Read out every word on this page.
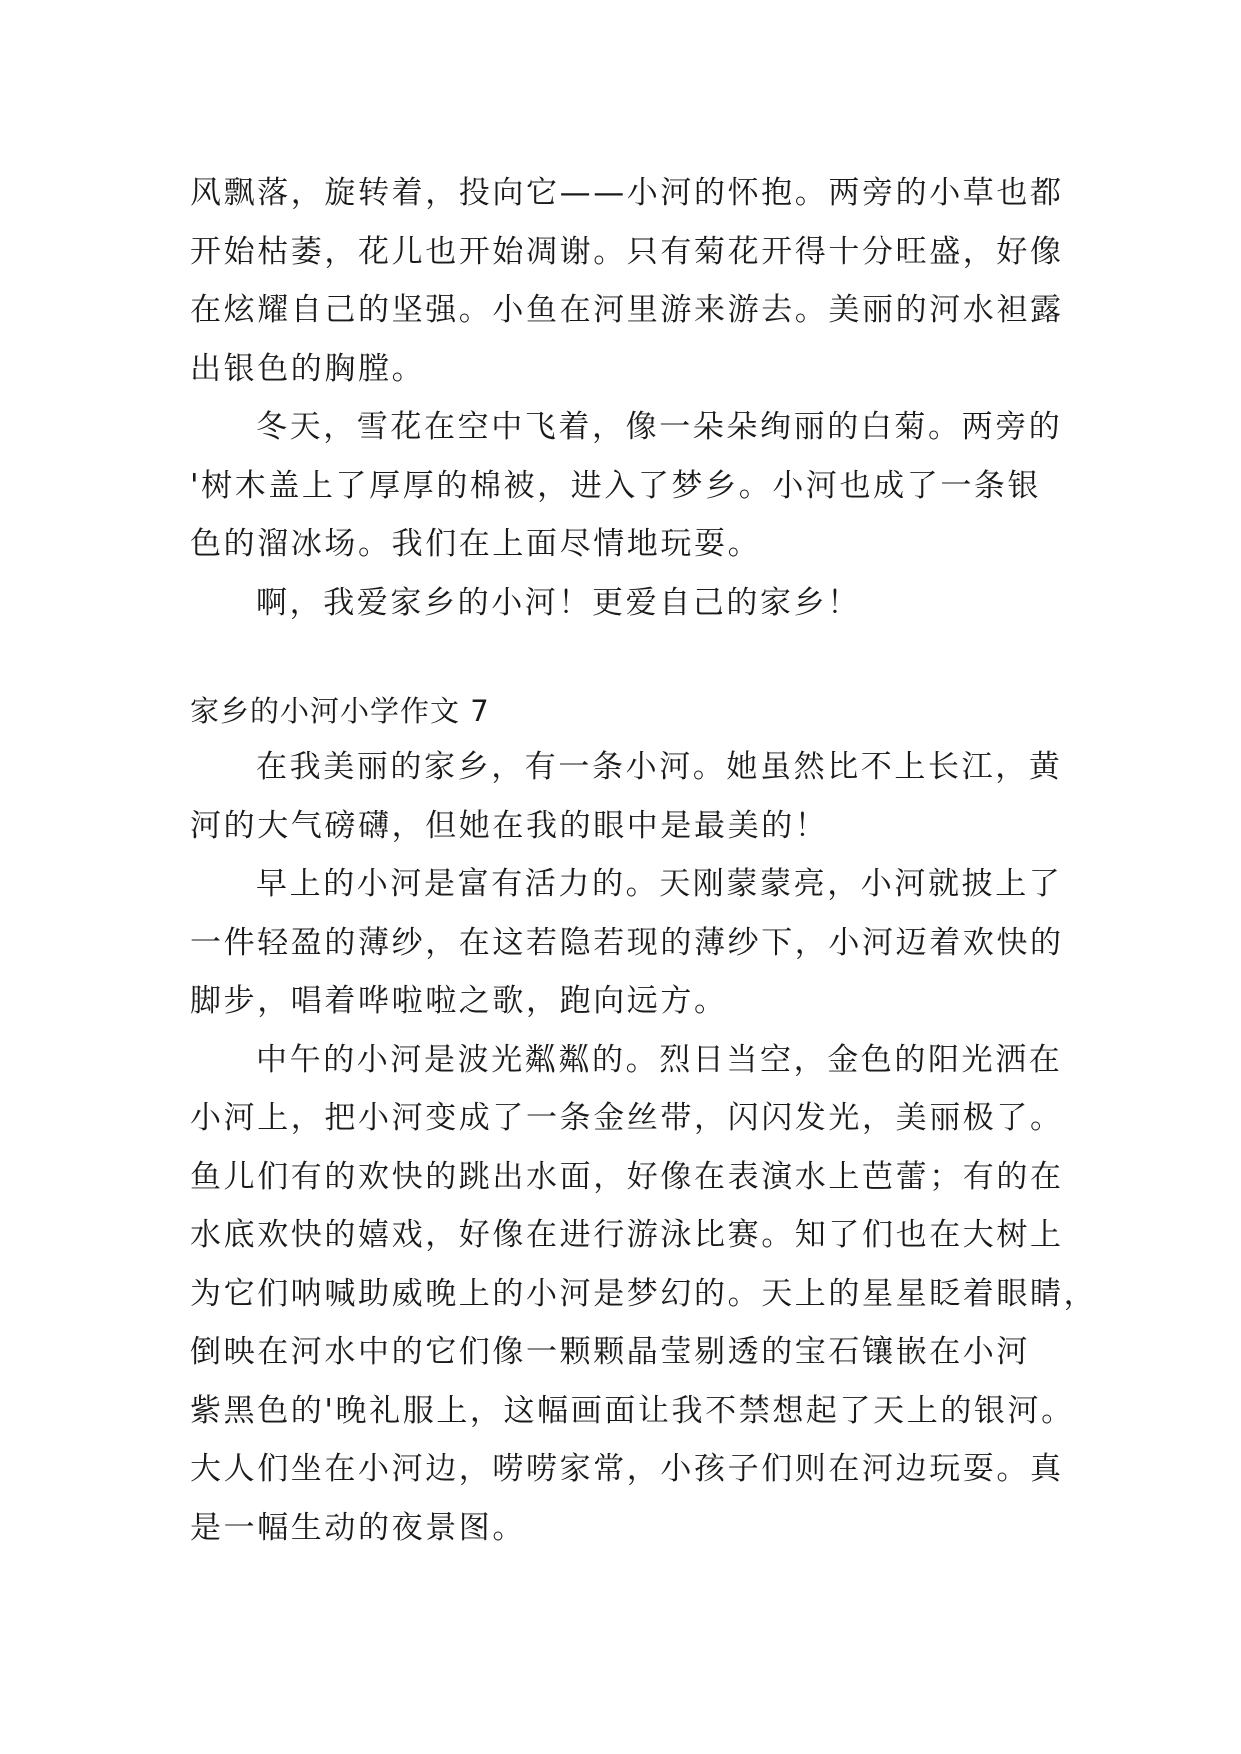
风飘落，旋转着，投向它——小河的怀抱。两旁的小草也都
开始枯萎，花儿也开始凋谢。只有菊花开得十分旺盛，好像
在炫耀自己的坚强。小鱼在河里游来游去。美丽的河水袒露
出银色的胸膛。
冬天，雪花在空中飞着，像一朵朵绚丽的白菊。两旁的
'树木盖上了厚厚的棉被，进入了梦乡。小河也成了一条银
色的溜冰场。我们在上面尽情地玩耍。
啊，我爱家乡的小河！更爱自己的家乡！
家乡的小河小学作文 7
在我美丽的家乡，有一条小河。她虽然比不上长江，黄
河的大气磅礴，但她在我的眼中是最美的！
早上的小河是富有活力的。天刚蒙蒙亮，小河就披上了
一件轻盈的薄纱，在这若隐若现的薄纱下，小河迈着欢快的
脚步，唱着哗啦啦之歌，跑向远方。
中午的小河是波光粼粼的。烈日当空，金色的阳光洒在
小河上，把小河变成了一条金丝带，闪闪发光，美丽极了。
鱼儿们有的欢快的跳出水面，好像在表演水上芭蕾；有的在
水底欢快的嬉戏，好像在进行游泳比赛。知了们也在大树上
为它们呐喊助威晚上的小河是梦幻的。天上的星星眨着眼睛，
倒映在河水中的它们像一颗颗晶莹剔透的宝石镶嵌在小河
紫黑色的'晚礼服上，这幅画面让我不禁想起了天上的银河。
大人们坐在小河边，唠唠家常，小孩子们则在河边玩耍。真
是一幅生动的夜景图。
